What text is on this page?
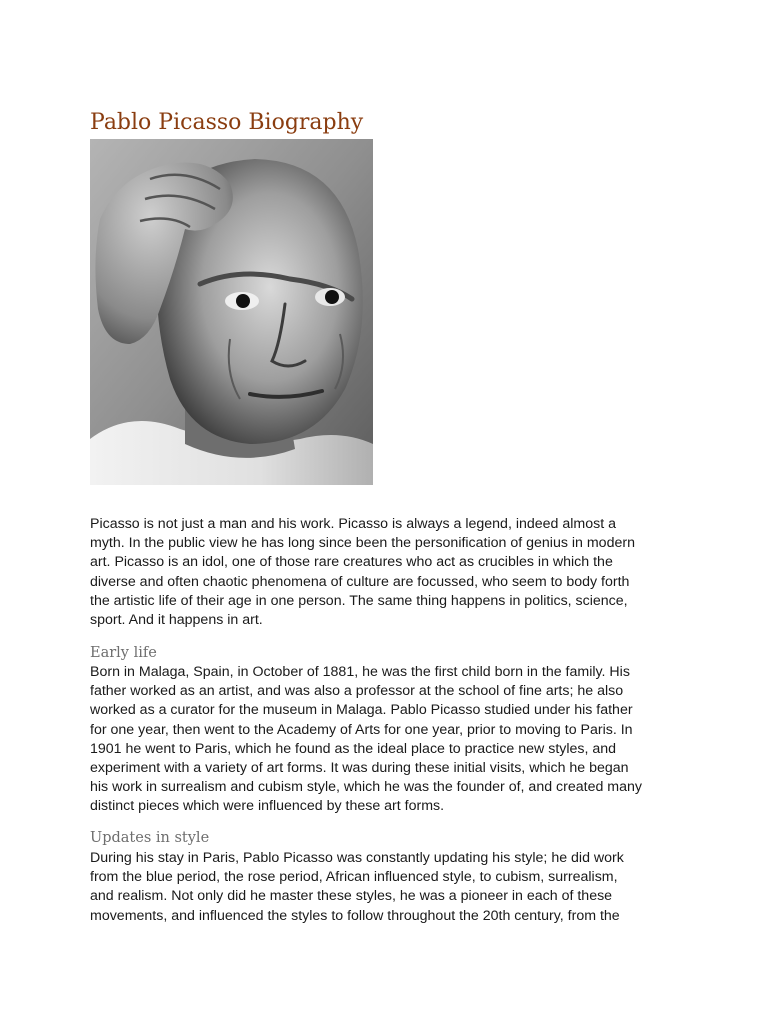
Pablo Picasso Biography

Picasso is not just a man and his work. Picasso is always a legend, indeed almost a
myth. In the public view he has long since been the personification of genius in modern
art. Picasso is an idol, one of those rare creatures who act as crucibles in which the
diverse and often chaotic phenomena of culture are focussed, who seem to body forth
the artistic life of their age in one person. The same thing happens in politics, science,
sport. And it happens in art.

Early life

Born in Malaga, Spain, in October of 1881, he was the first child born in the family. His
father worked as an artist, and was also a professor at the school of fine arts; he also
worked as a curator for the museum in Malaga. Pablo Picasso studied under his father
for one year, then went to the Academy of Arts for one year, prior to moving to Paris. In
1901 he went to Paris, which he found as the ideal place to practice new styles, and
experiment with a variety of art forms. It was during these initial visits, which he began
his work in surrealism and cubism style, which he was the founder of, and created many
distinct pieces which were influenced by these art forms.

Updates in style

During his stay in Paris, Pablo Picasso was constantly updating his style; he did work
from the blue period, the rose period, African influenced style, to cubism, surrealism,
and realism. Not only did he master these styles, he was a pioneer in each of these
movements, and influenced the styles to follow throughout the 20th century, from the
